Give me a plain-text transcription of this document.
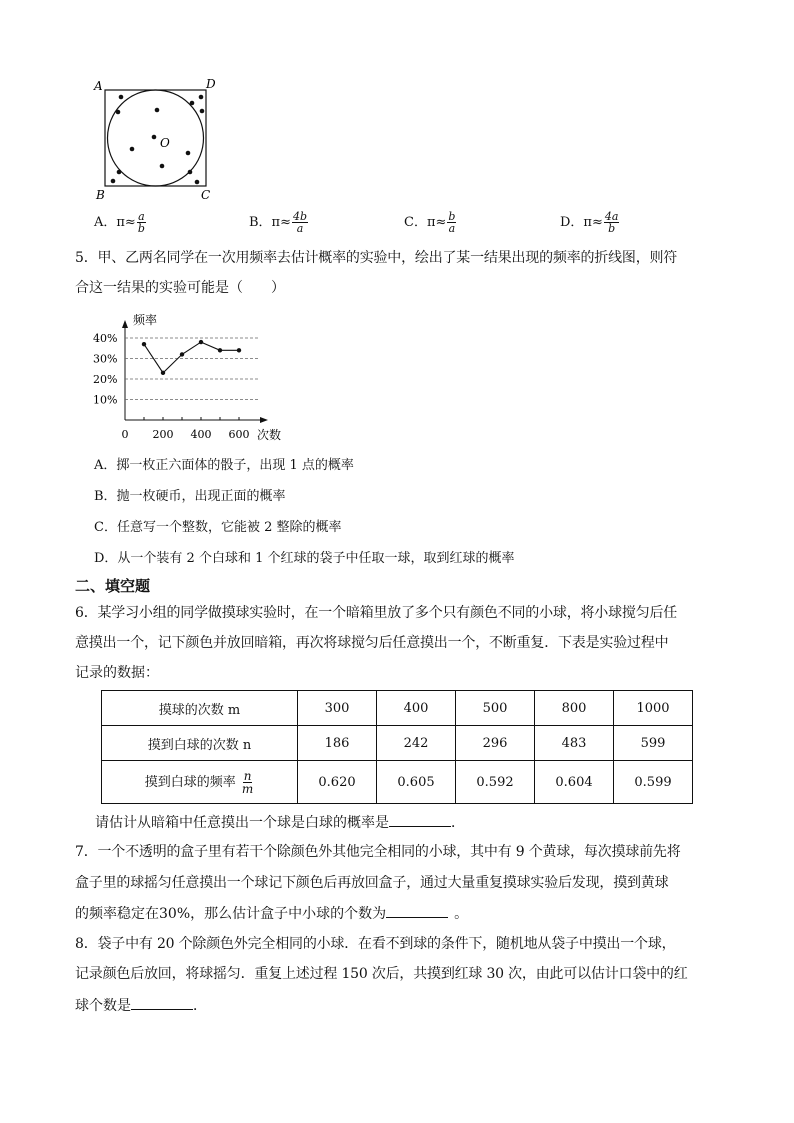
A	D
B	C
O
A．$\pi\approx \frac{a}{b}$	B．$\pi\approx \frac{4b}{a}$	C．$\pi\approx \frac{b}{a}$	D．$\pi\approx \frac{4a}{b}$
5．甲、乙两名同学在一次用频率去估计概率的实验中，绘出了某一结果出现的频率的折线图，则符
合这一结果的实验可能是（　　）
10%
20%
30%
40%
0 200 400 600
频率
次数
A．掷一枚正六面体的骰子，出现 1 点的概率
B．抛一枚硬币，出现正面的概率
C．任意写一个整数，它能被 2 整除的概率
D．从一个装有 2 个白球和 1 个红球的袋子中任取一球，取到红球的概率
二、填空题
6．某学习小组的同学做摸球实验时，在一个暗箱里放了多个只有颜色不同的小球，将小球搅匀后任
意摸出一个，记下颜色并放回暗箱，再次将球搅匀后任意摸出一个，不断重复．下表是实验过程中
记录的数据：
摸球的次数 m	300	400	500	800	1000
摸到白球的次数 n	186	242	296	483	599
摸到白球的频率 $\frac{n}{m}$	0.620	0.605	0.592	0.604	0.599
请估计从暗箱中任意摸出一个球是白球的概率是	．
7．一个不透明的盒子里有若干个除颜色外其他完全相同的小球，其中有 9 个黄球，每次摸球前先将
盒子里的球摇匀任意摸出一个球记下颜色后再放回盒子，通过大量重复摸球实验后发现，摸到黄球
的频率稳定在30%，那么估计盒子中小球的个数为	。
8．袋子中有 20 个除颜色外完全相同的小球．在看不到球的条件下，随机地从袋子中摸出一个球，
记录颜色后放回，将球摇匀．重复上述过程 150 次后，共摸到红球 30 次，由此可以估计口袋中的红
球个数是	．
